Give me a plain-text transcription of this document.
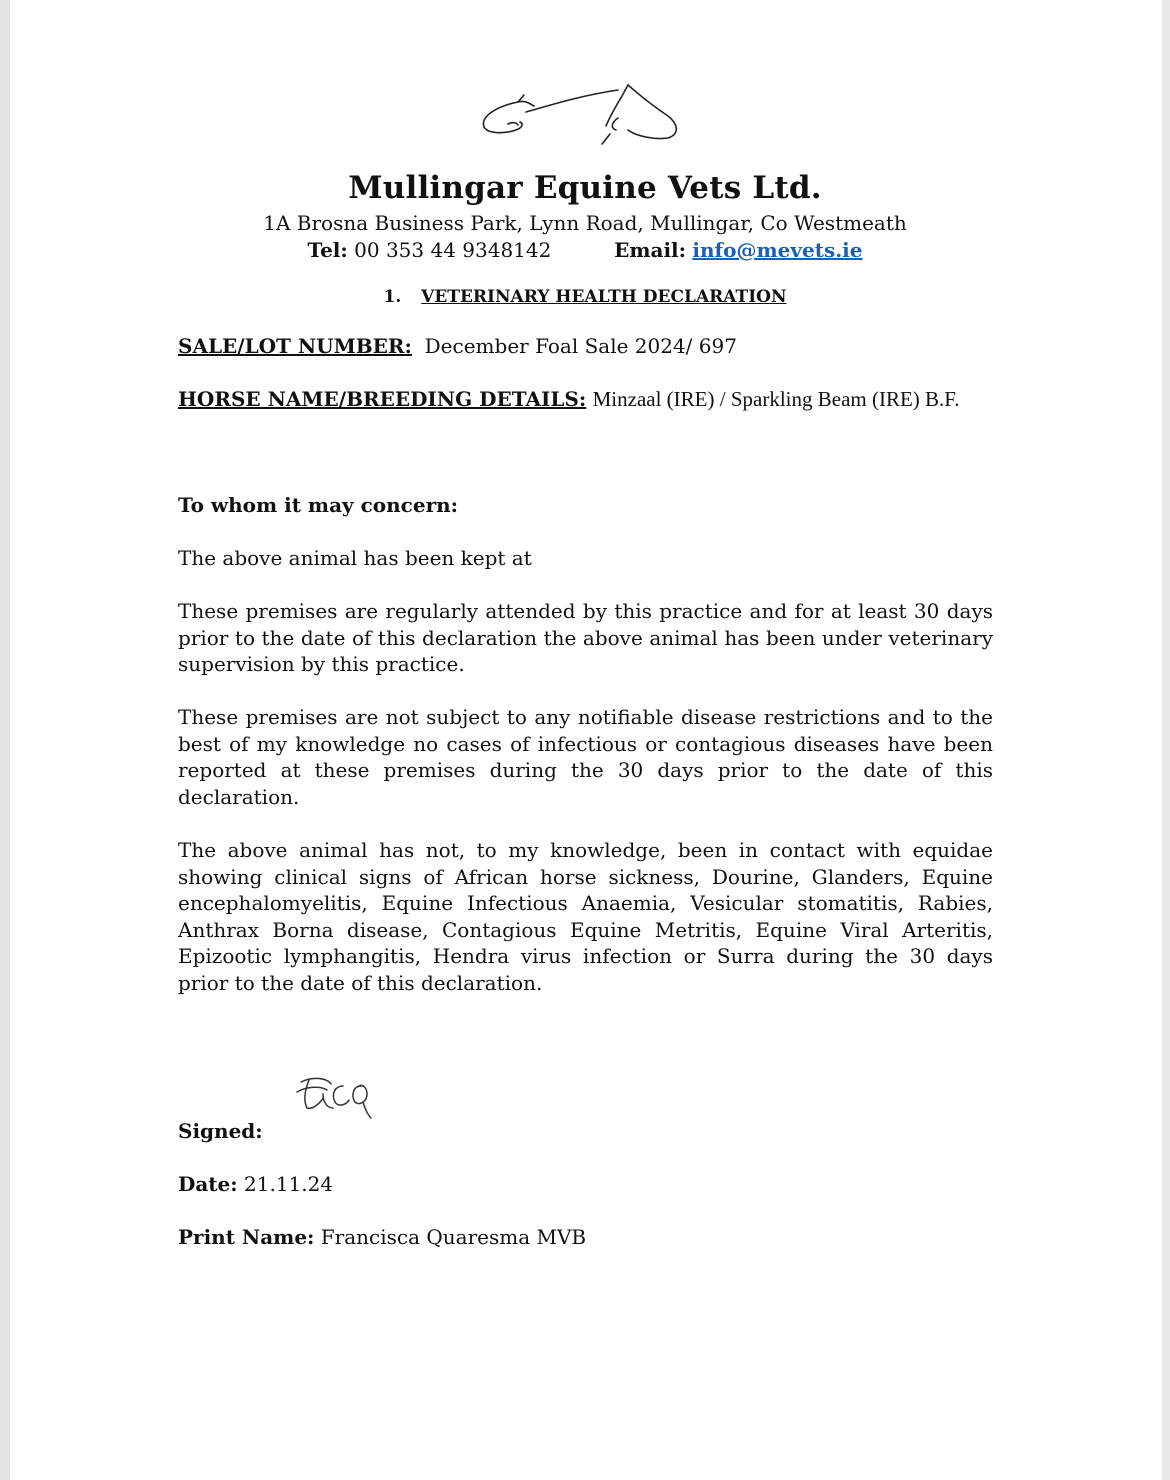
Mullingar Equine Vets Ltd.
1A Brosna Business Park, Lynn Road, Mullingar, Co Westmeath
Tel: 00 353 44 9348142	Email: info@mevets.ie
1. VETERINARY HEALTH DECLARATION
SALE/LOT NUMBER: December Foal Sale 2024/ 697
HORSE NAME/BREEDING DETAILS: Minzaal (IRE) / Sparkling Beam (IRE) B.F.
To whom it may concern:
The above animal has been kept at
These premises are regularly attended by this practice and for at least 30 days prior to the date of this declaration the above animal has been under veterinary supervision by this practice.
These premises are not subject to any notifiable disease restrictions and to the best of my knowledge no cases of infectious or contagious diseases have been reported at these premises during the 30 days prior to the date of this declaration.
The above animal has not, to my knowledge, been in contact with equidae showing clinical signs of African horse sickness, Dourine, Glanders, Equine encephalomyelitis, Equine Infectious Anaemia, Vesicular stomatitis, Rabies, Anthrax Borna disease, Contagious Equine Metritis, Equine Viral Arteritis, Epizootic lymphangitis, Hendra virus infection or Surra during the 30 days prior to the date of this declaration.
Signed:
Date: 21.11.24
Print Name: Francisca Quaresma MVB
